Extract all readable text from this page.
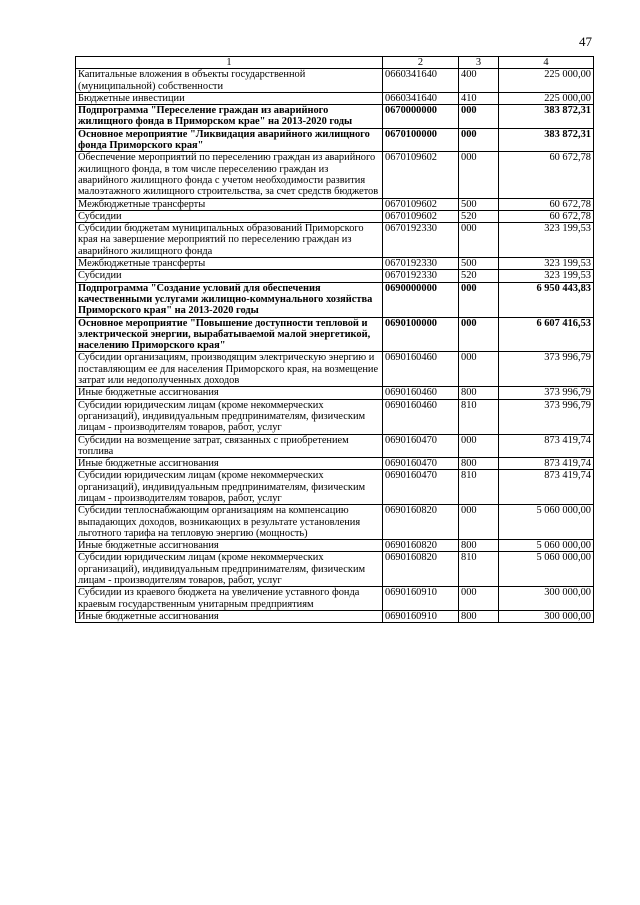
47
1	2	3	4
Капитальные вложения в объекты государственной (муниципальной) собственности	0660341640	400	225 000,00
Бюджетные инвестиции	0660341640	410	225 000,00
Подпрограмма "Переселение граждан из аварийного жилищного фонда в Приморском крае" на 2013-2020 годы	0670000000	000	383 872,31
Основное мероприятие "Ликвидация аварийного жилищного фонда Приморского края"	0670100000	000	383 872,31
Обеспечение мероприятий по переселению граждан из аварийного жилищного фонда, в том числе переселению граждан из аварийного жилищного фонда с учетом необходимости развития малоэтажного жилищного строительства, за счет средств бюджетов	0670109602	000	60 672,78
Межбюджетные трансферты	0670109602	500	60 672,78
Субсидии	0670109602	520	60 672,78
Субсидии бюджетам муниципальных образований Приморского края на завершение мероприятий по переселению граждан из аварийного жилищного фонда	0670192330	000	323 199,53
Межбюджетные трансферты	0670192330	500	323 199,53
Субсидии	0670192330	520	323 199,53
Подпрограмма "Создание условий для обеспечения качественными услугами жилищно-коммунального хозяйства Приморского края" на 2013-2020 годы	0690000000	000	6 950 443,83
Основное мероприятие "Повышение доступности тепловой и электрической энергии, вырабатываемой малой энергетикой, населению Приморского края"	0690100000	000	6 607 416,53
Субсидии организациям, производящим электрическую энергию и поставляющим ее для населения Приморского края, на возмещение затрат или недополученных доходов	0690160460	000	373 996,79
Иные бюджетные ассигнования	0690160460	800	373 996,79
Субсидии юридическим лицам (кроме некоммерческих организаций), индивидуальным предпринимателям, физическим лицам - производителям товаров, работ, услуг	0690160460	810	373 996,79
Субсидии на возмещение затрат, связанных с приобретением топлива	0690160470	000	873 419,74
Иные бюджетные ассигнования	0690160470	800	873 419,74
Субсидии юридическим лицам (кроме некоммерческих организаций), индивидуальным предпринимателям, физическим лицам - производителям товаров, работ, услуг	0690160470	810	873 419,74
Субсидии теплоснабжающим организациям на компенсацию выпадающих доходов, возникающих в результате установления льготного тарифа на тепловую энергию (мощность)	0690160820	000	5 060 000,00
Иные бюджетные ассигнования	0690160820	800	5 060 000,00
Субсидии юридическим лицам (кроме некоммерческих организаций), индивидуальным предпринимателям, физическим лицам - производителям товаров, работ, услуг	0690160820	810	5 060 000,00
Субсидии из краевого бюджета на увеличение уставного фонда краевым государственным унитарным предприятиям	0690160910	000	300 000,00
Иные бюджетные ассигнования	0690160910	800	300 000,00
